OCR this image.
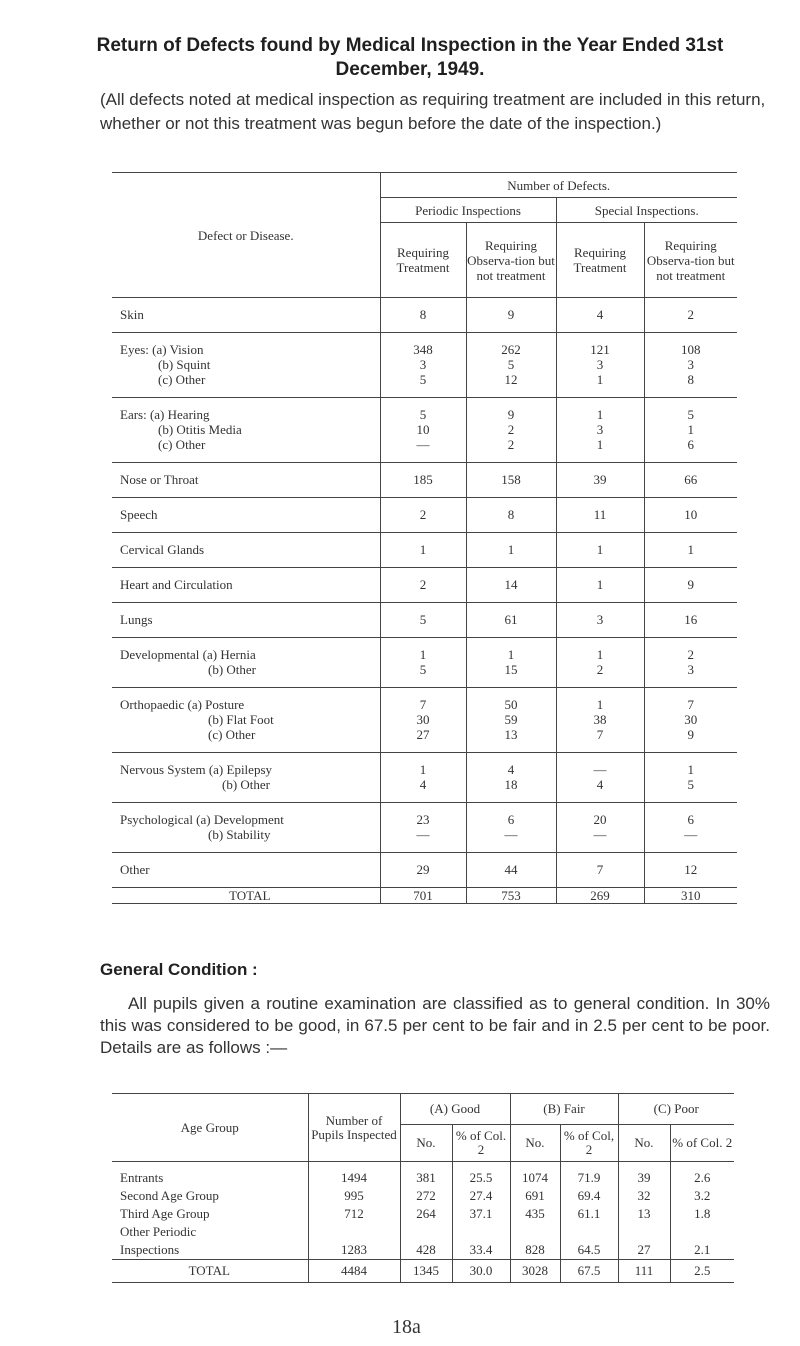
Return of Defects found by Medical Inspection in the Year Ended 31st December, 1949.
(All defects noted at medical inspection as requiring treatment are included in this return, whether or not this treatment was begun before the date of the inspection.)
Defect or Disease.	Number of Defects.			
	Periodic Inspections		Special Inspections.	
	Requiring Treatment	Requiring Observa-tion but not treatment	Requiring Treatment	Requiring Observa-tion but not treatment
Skin	8	9	4	2
Eyes: (a) Vision	348	262	121	108
(b) Squint	3	5	3	3
(c) Other	5	12	1	8
Ears: (a) Hearing	5	9	1	5
(b) Otitis Media	10	2	3	1
(c) Other	—	2	1	6
Nose or Throat	185	158	39	66
Speech	2	8	11	10
Cervical Glands	1	1	1	1
Heart and Circulation	2	14	1	9
Lungs	5	61	3	16
Developmental (a) Hernia	1	1	1	2
(b) Other	5	15	2	3
Orthopaedic (a) Posture	7	50	1	7
(b) Flat Foot	30	59	38	30
(c) Other	27	13	7	9
Nervous System (a) Epilepsy	1	4	—	1
(b) Other	4	18	4	5
Psychological (a) Development	23	6	20	6
(b) Stability	—	—	—	—
Other	29	44	7	12
TOTAL	701	753	269	310
General Condition :
All pupils given a routine examination are classified as to general condition. In 30% this was considered to be good, in 67.5 per cent to be fair and in 2.5 per cent to be poor. Details are as follows :—
Age Group	Number of Pupils Inspected	(A) Good		(B) Fair		(C) Poor	
		No.	% of Col. 2	No.	% of Col, 2	No.	% of Col. 2
Entrants	1494	381	25.5	1074	71.9	39	2.6
Second Age Group	995	272	27.4	691	69.4	32	3.2
Third Age Group	712	264	37.1	435	61.1	13	1.8
Other Periodic							
Inspections	1283	428	33.4	828	64.5	27	2.1
TOTAL	4484	1345	30.0	3028	67.5	111	2.5
18a
